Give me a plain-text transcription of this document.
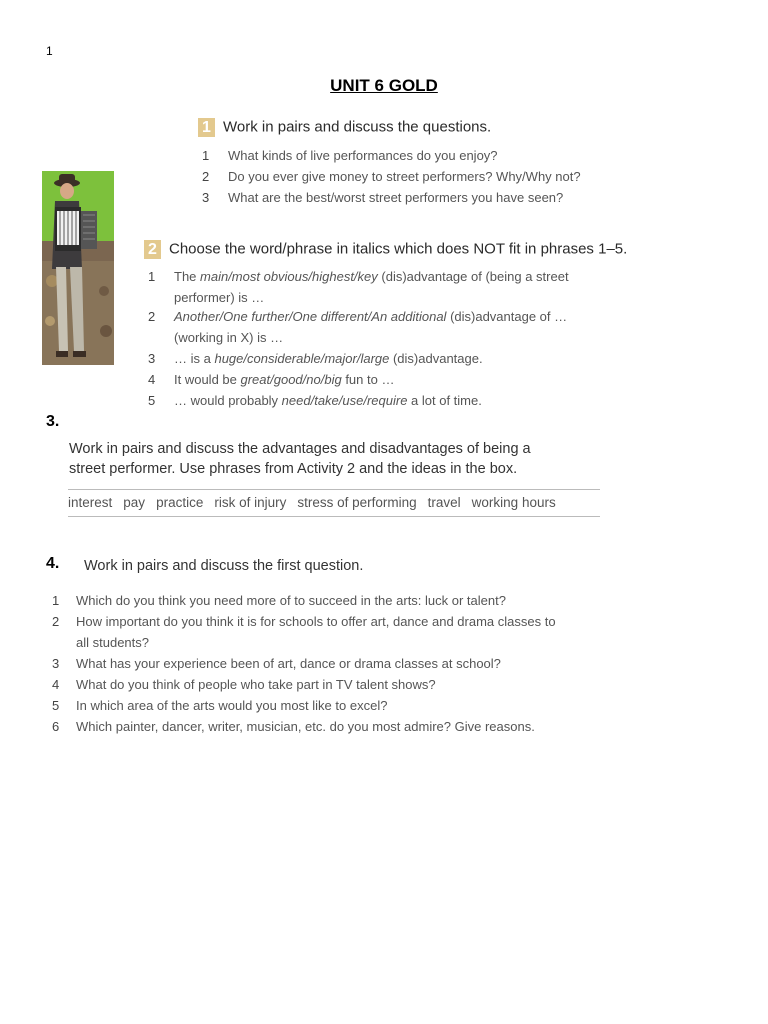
1
UNIT 6 GOLD
1 Work in pairs and discuss the questions.
1 What kinds of live performances do you enjoy?
2 Do you ever give money to street performers? Why/Why not?
3 What are the best/worst street performers you have seen?
2 Choose the word/phrase in italics which does NOT fit in phrases 1–5.
1 The main/most obvious/highest/key (dis)advantage of (being a street
performer) is …
2 Another/One further/One different/An additional (dis)advantage of …
(working in X) is …
3 … is a huge/considerable/major/large (dis)advantage.
4 It would be great/good/no/big fun to …
5 … would probably need/take/use/require a lot of time.
3.
Work in pairs and discuss the advantages and disadvantages of being a
street performer. Use phrases from Activity 2 and the ideas in the box.
interest pay practice risk of injury stress of performing travel working hours
4. Work in pairs and discuss the first question.
1 Which do you think you need more of to succeed in the arts: luck or talent?
2 How important do you think it is for schools to offer art, dance and drama classes to
all students?
3 What has your experience been of art, dance or drama classes at school?
4 What do you think of people who take part in TV talent shows?
5 In which area of the arts would you most like to excel?
6 Which painter, dancer, writer, musician, etc. do you most admire? Give reasons.
